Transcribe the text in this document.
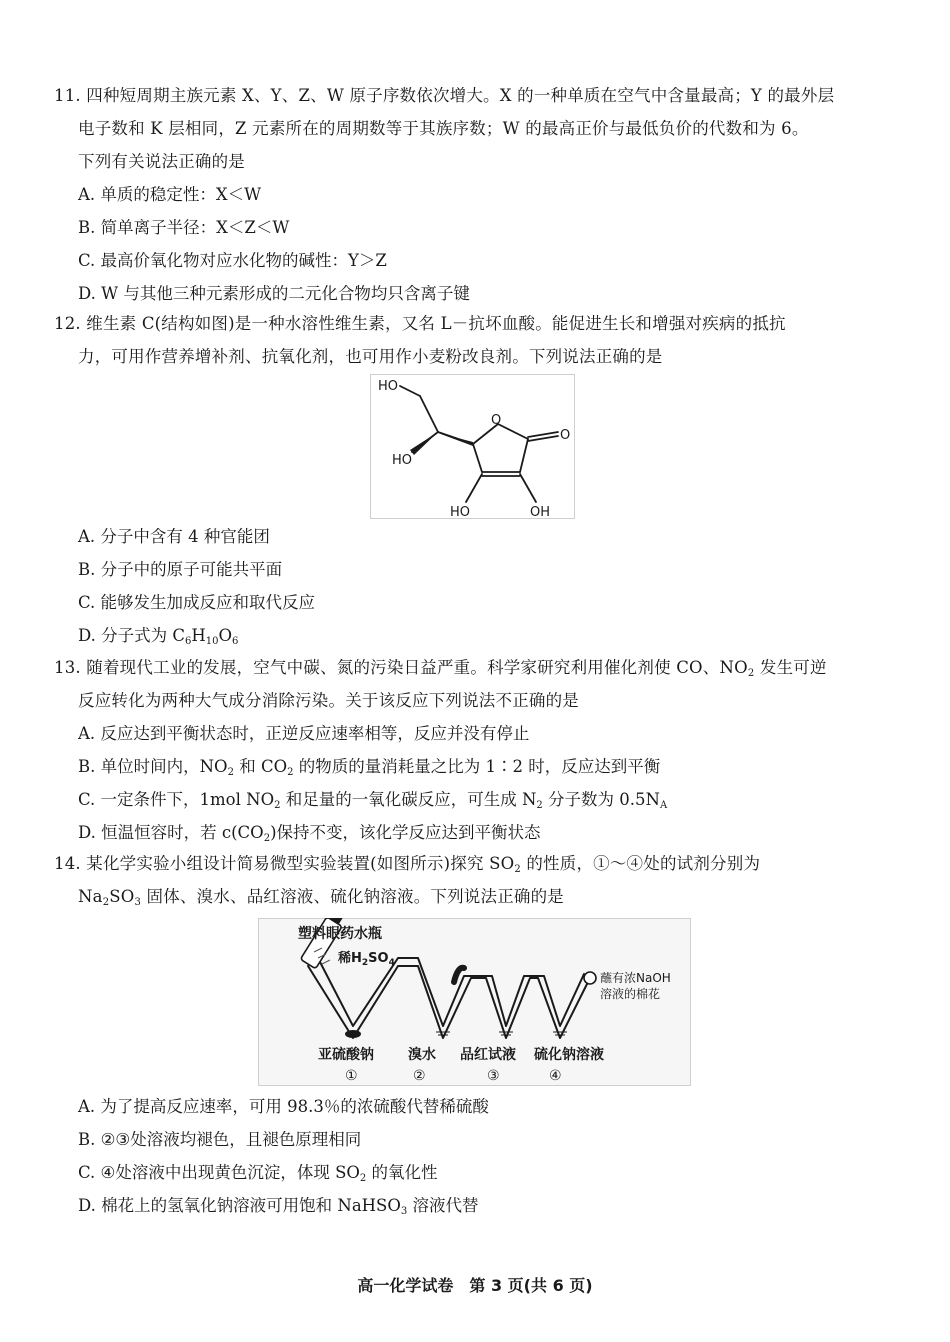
11. 四种短周期主族元素 X、Y、Z、W 原子序数依次增大。X 的一种单质在空气中含量最高；Y 的最外层
电子数和 K 层相同，Z 元素所在的周期数等于其族序数；W 的最高正价与最低负价的代数和为 6。
下列有关说法正确的是
A. 单质的稳定性：X＜W
B. 简单离子半径：X＜Z＜W
C. 最高价氧化物对应水化物的碱性：Y＞Z
D. W 与其他三种元素形成的二元化合物均只含离子键
12. 维生素 C(结构如图)是一种水溶性维生素，又名 L－抗坏血酸。能促进生长和增强对疾病的抵抗
力，可用作营养增补剂、抗氧化剂，也可用作小麦粉改良剂。下列说法正确的是
HO
HO
O
O
HO	OH
A. 分子中含有 4 种官能团
B. 分子中的原子可能共平面
C. 能够发生加成反应和取代反应
D. 分子式为 $C_6H_{10}O_6$
13. 随着现代工业的发展，空气中碳、氮的污染日益严重。科学家研究利用催化剂使 CO、$NO_2$ 发生可逆
反应转化为两种大气成分消除污染。关于该反应下列说法不正确的是
A. 反应达到平衡状态时，正逆反应速率相等，反应并没有停止
B. 单位时间内，$NO_2$ 和 $CO_2$ 的物质的量消耗量之比为 1∶2 时，反应达到平衡
C. 一定条件下，1mol $NO_2$ 和足量的一氧化碳反应，可生成 $N_2$ 分子数为 $0.5N_A$
D. 恒温恒容时，若 $c(CO_2)$保持不变，该化学反应达到平衡状态
14. 某化学实验小组设计简易微型实验装置(如图所示)探究 $SO_2$ 的性质，①～④处的试剂分别为
$Na_2SO_3$ 固体、溴水、品红溶液、硫化钠溶液。下列说法正确的是
塑料眼药水瓶
稀$H_2SO_4$
蘸有浓NaOH
溶液的棉花
亚硫酸钠 溴水 品红试液 硫化钠溶液
①	②	③	④
A. 为了提高反应速率，可用 98.3％的浓硫酸代替稀硫酸
B. ②③处溶液均褪色，且褪色原理相同
C. ④处溶液中出现黄色沉淀，体现 $SO_2$ 的氧化性
D. 棉花上的氢氧化钠溶液可用饱和 NaHSO$_3$ 溶液代替
高一化学试卷　第 3 页(共 6 页)
